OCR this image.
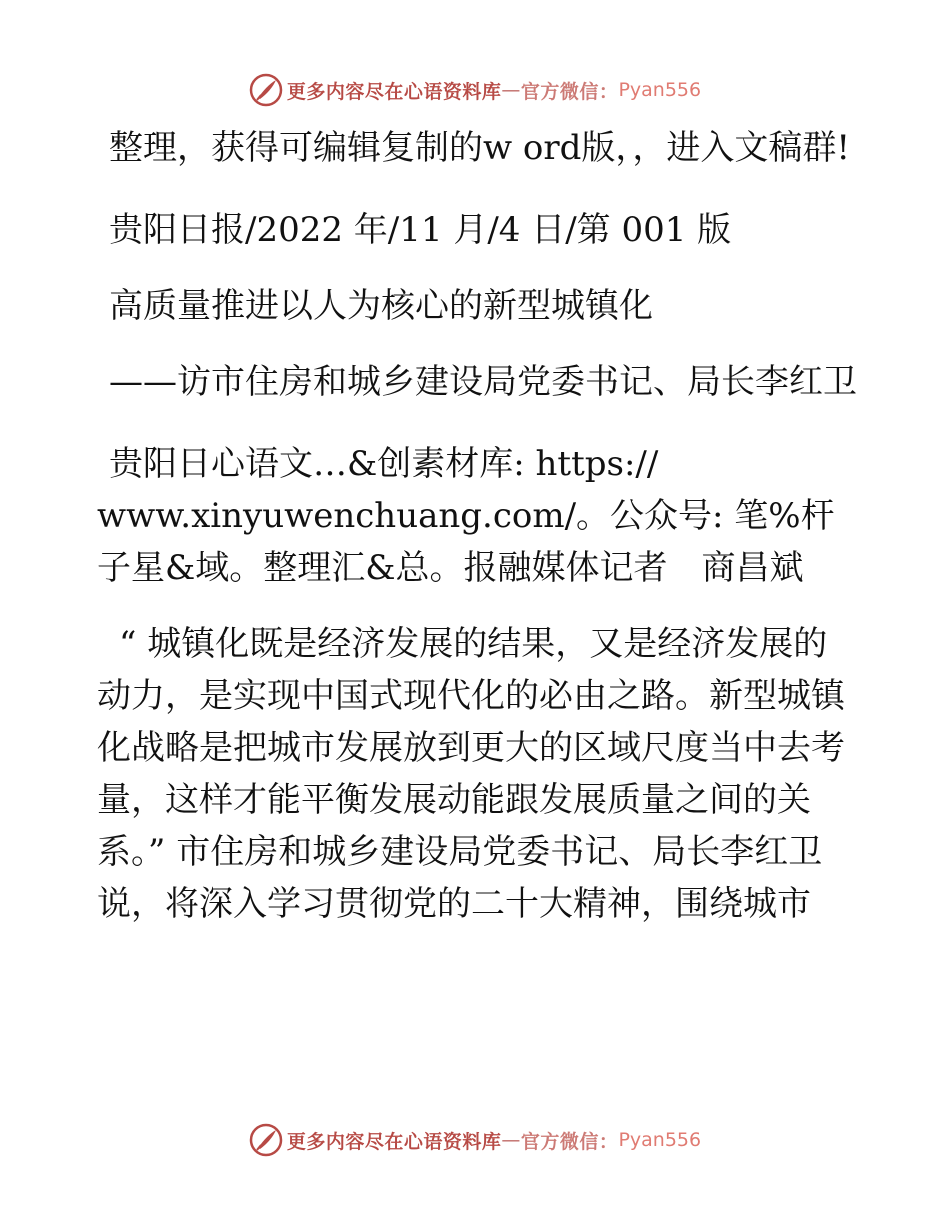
更多内容尽在心语资料库 — 官方微信： Pyan556

整理，获得可编辑复制的w ord版，，进入文稿群!

贵阳日报/2022 年/11 月/4 日/第 001 版

高质量推进以人为核心的新型城镇化

——访市住房和城乡建设局党委书记、局长李红卫

贵阳日心语文…&创素材库: https:// www.xinyuwenchuang.com/。公众号: 笔%杆子星&域。整理汇&总。报融媒体记者　商昌斌

“ 城镇化既是经济发展的结果，又是经济发展的动力，是实现中国式现代化的必由之路。新型城镇化战略是把城市发展放到更大的区域尺度当中去考量，这样才能平衡发展动能跟发展质量之间的关系。” 市住房和城乡建设局党委书记、局长李红卫说，将深入学习贯彻党的二十大精神，围绕城市

更多内容尽在心语资料库 — 官方微信： Pyan556
